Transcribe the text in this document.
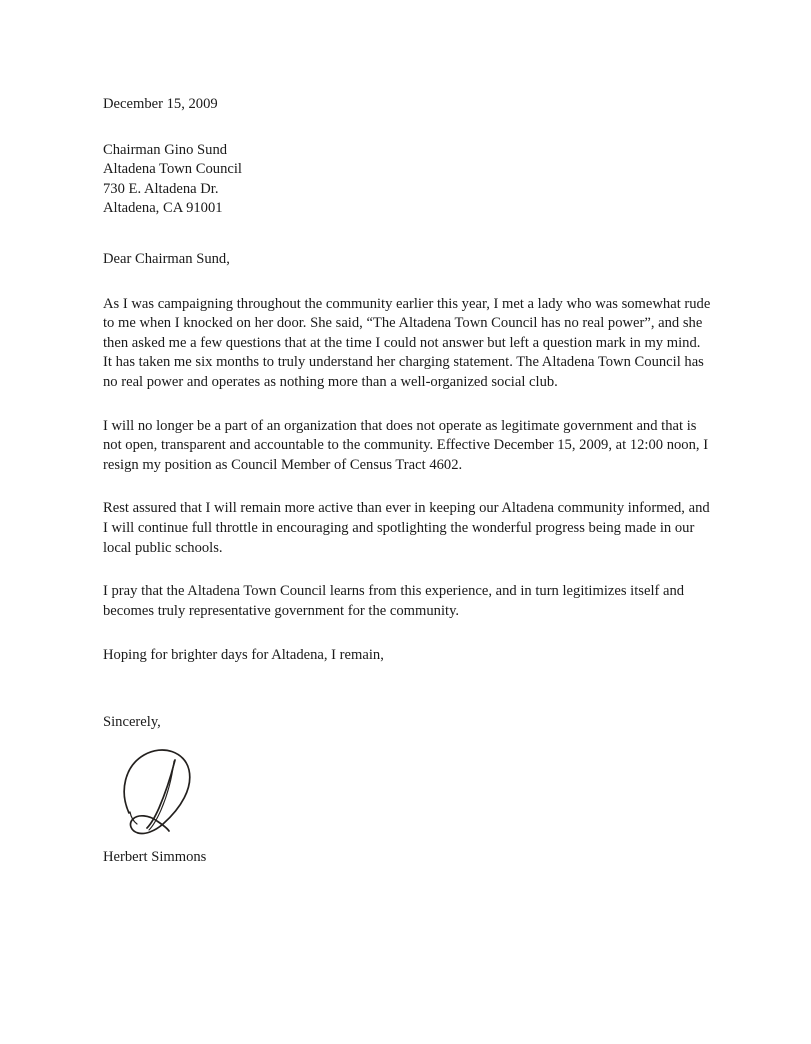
December 15, 2009
Chairman Gino Sund
Altadena Town Council
730 E. Altadena Dr.
Altadena, CA 91001
Dear Chairman Sund,
As I was campaigning throughout the community earlier this year, I met a lady who was somewhat rude to me when I knocked on her door. She said, “The Altadena Town Council has no real power”, and she then asked me a few questions that at the time I could not answer but left a question mark in my mind. It has taken me six months to truly understand her charging statement. The Altadena Town Council has no real power and operates as nothing more than a well-organized social club.
I will no longer be a part of an organization that does not operate as legitimate government and that is not open, transparent and accountable to the community. Effective December 15, 2009, at 12:00 noon, I resign my position as Council Member of Census Tract 4602.
Rest assured that I will remain more active than ever in keeping our Altadena community informed, and I will continue full throttle in encouraging and spotlighting the wonderful progress being made in our local public schools.
I pray that the Altadena Town Council learns from this experience, and in turn legitimizes itself and becomes truly representative government for the community.
Hoping for brighter days for Altadena, I remain,
Sincerely,
Herbert Simmons
